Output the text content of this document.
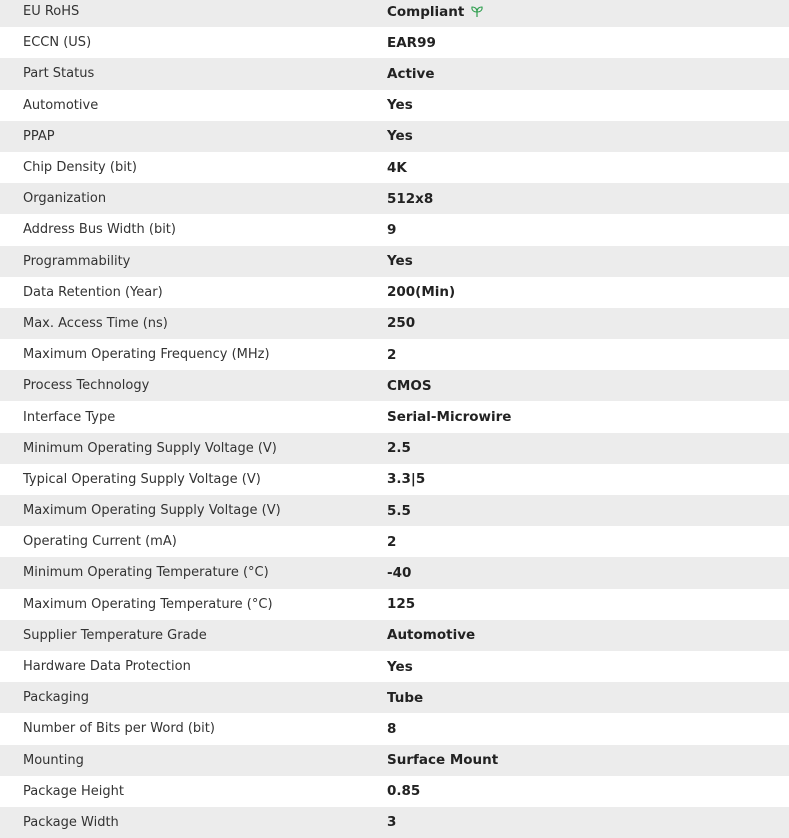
EU RoHS	Compliant
ECCN (US)	EAR99
Part Status	Active
Automotive	Yes
PPAP	Yes
Chip Density (bit)	4K
Organization	512x8
Address Bus Width (bit)	9
Programmability	Yes
Data Retention (Year)	200(Min)
Max. Access Time (ns)	250
Maximum Operating Frequency (MHz)	2
Process Technology	CMOS
Interface Type	Serial-Microwire
Minimum Operating Supply Voltage (V)	2.5
Typical Operating Supply Voltage (V)	3.3|5
Maximum Operating Supply Voltage (V)	5.5
Operating Current (mA)	2
Minimum Operating Temperature (°C)	-40
Maximum Operating Temperature (°C)	125
Supplier Temperature Grade	Automotive
Hardware Data Protection	Yes
Packaging	Tube
Number of Bits per Word (bit)	8
Mounting	Surface Mount
Package Height	0.85
Package Width	3
